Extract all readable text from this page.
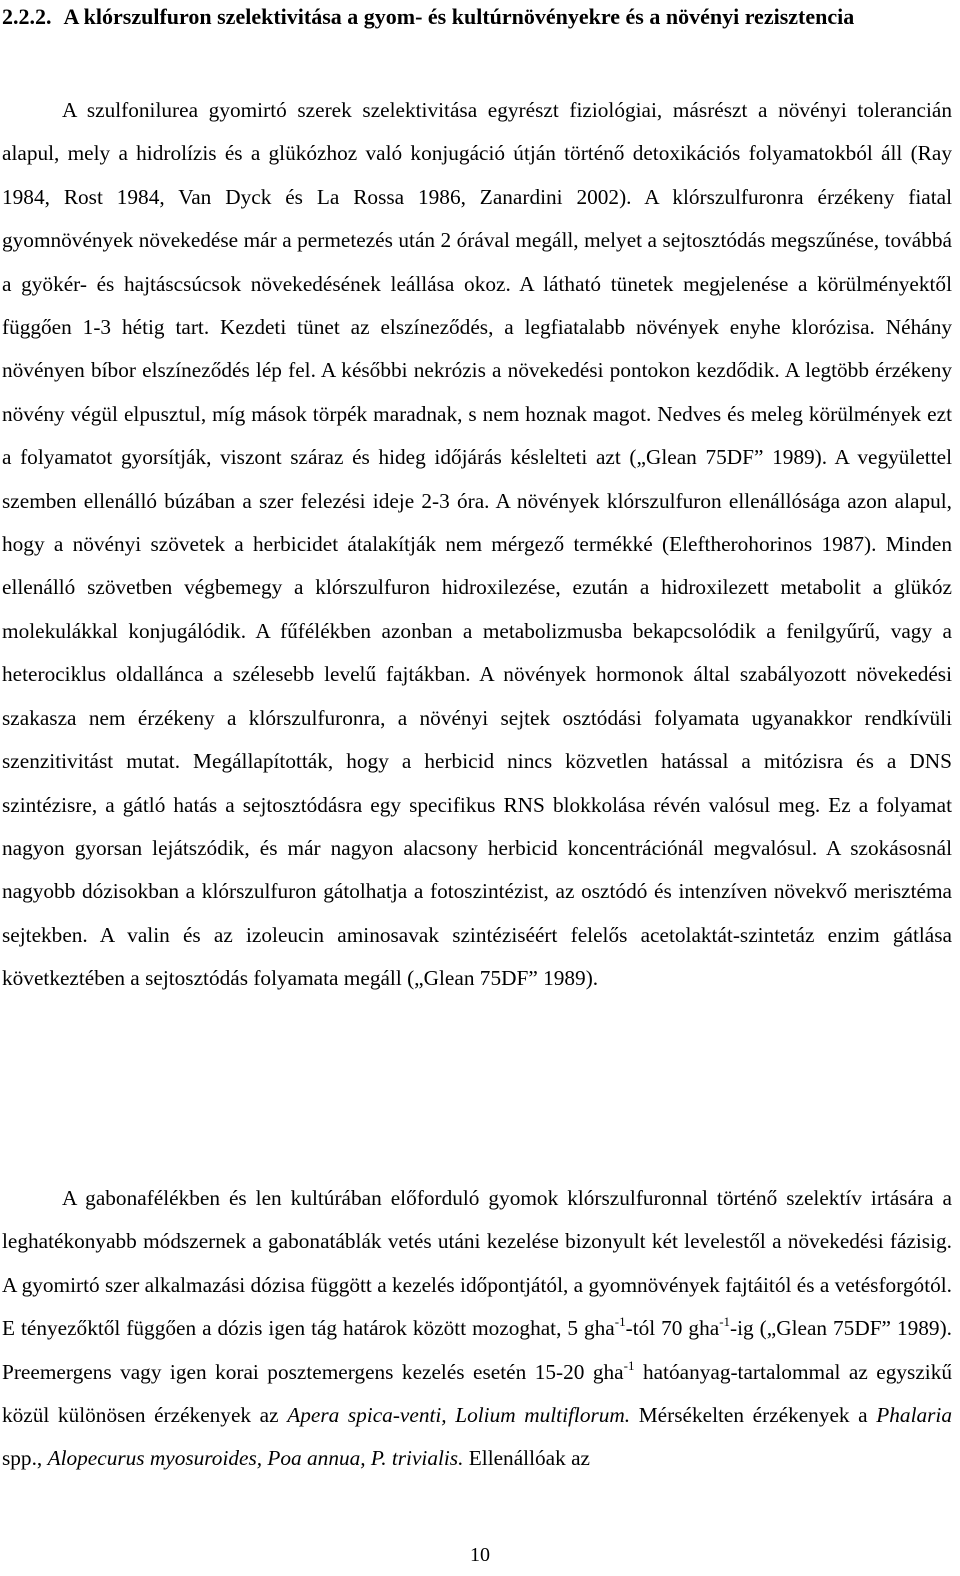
2.2.2. A klórszulfuron szelektivitása a gyom- és kultúrnövényekre és a növényi rezisztencia

A szulfonilurea gyomirtó szerek szelektivitása egyrészt fiziológiai, másrészt a növényi tolerancián alapul, mely a hidrolízis és a glükózhoz való konjugáció útján történő detoxikációs folyamatokból áll (Ray 1984, Rost 1984, Van Dyck és La Rossa 1986, Zanardini 2002). A klórszulfuronra érzékeny fiatal gyomnövények növekedése már a permetezés után 2 órával megáll, melyet a sejtosztódás megszűnése, továbbá a gyökér- és hajtáscsúcsok növekedésének leállása okoz. A látható tünetek megjelenése a körülményektől függően 1-3 hétig tart. Kezdeti tünet az elszíneződés, a legfiatalabb növények enyhe klorózisa. Néhány növényen bíbor elszíneződés lép fel. A későbbi nekrózis a növekedési pontokon kezdődik. A legtöbb érzékeny növény végül elpusztul, míg mások törpék maradnak, s nem hoznak magot. Nedves és meleg körülmények ezt a folyamatot gyorsítják, viszont száraz és hideg időjárás késlelteti azt („Glean 75DF” 1989). A vegyülettel szemben ellenálló búzában a szer felezési ideje 2-3 óra. A növények klórszulfuron ellenállósága azon alapul, hogy a növényi szövetek a herbicidet átalakítják nem mérgező termékké (Eleftherohorinos 1987). Minden ellenálló szövetben végbemegy a klórszulfuron hidroxilezése, ezután a hidroxilezett metabolit a glükóz molekulákkal konjugálódik. A fűfélékben azonban a metabolizmusba bekapcsolódik a fenilgyűrű, vagy a heterociklus oldallánca a szélesebb levelű fajtákban. A növények hormonok által szabályozott növekedési szakasza nem érzékeny a klórszulfuronra, a növényi sejtek osztódási folyamata ugyanakkor rendkívüli szenzitivitást mutat. Megállapították, hogy a herbicid nincs közvetlen hatással a mitózisra és a DNS szintézisre, a gátló hatás a sejtosztódásra egy specifikus RNS blokkolása révén valósul meg. Ez a folyamat nagyon gyorsan lejátszódik, és már nagyon alacsony herbicid koncentrációnál megvalósul. A szokásosnál nagyobb dózisokban a klórszulfuron gátolhatja a fotoszintézist, az osztódó és intenzíven növekvő merisztéma sejtekben. A valin és az izoleucin aminosavak szintéziséért felelős acetolaktát-szintetáz enzim gátlása következtében a sejtosztódás folyamata megáll („Glean 75DF” 1989).

A gabonafélékben és len kultúrában előforduló gyomok klórszulfuronnal történő szelektív irtására a leghatékonyabb módszernek a gabonatáblák vetés utáni kezelése bizonyult két levelestől a növekedési fázisig. A gyomirtó szer alkalmazási dózisa függött a kezelés időpontjától, a gyomnövények fajtáitól és a vetésforgótól. E tényezőktől függően a dózis igen tág határok között mozoghat, 5 gha$^{-1}$-tól 70 gha$^{-1}$-ig („Glean 75DF” 1989). Preemergens vagy igen korai posztemergens kezelés esetén 15-20 gha$^{-1}$ hatóanyag-tartalommal az egyszikű közül különösen érzékenyek az Apera spica-venti, Lolium multiflorum. Mérsékelten érzékenyek a Phalaria spp., Alopecurus myosuroides, Poa annua, P. trivialis. Ellenállóak az

10
